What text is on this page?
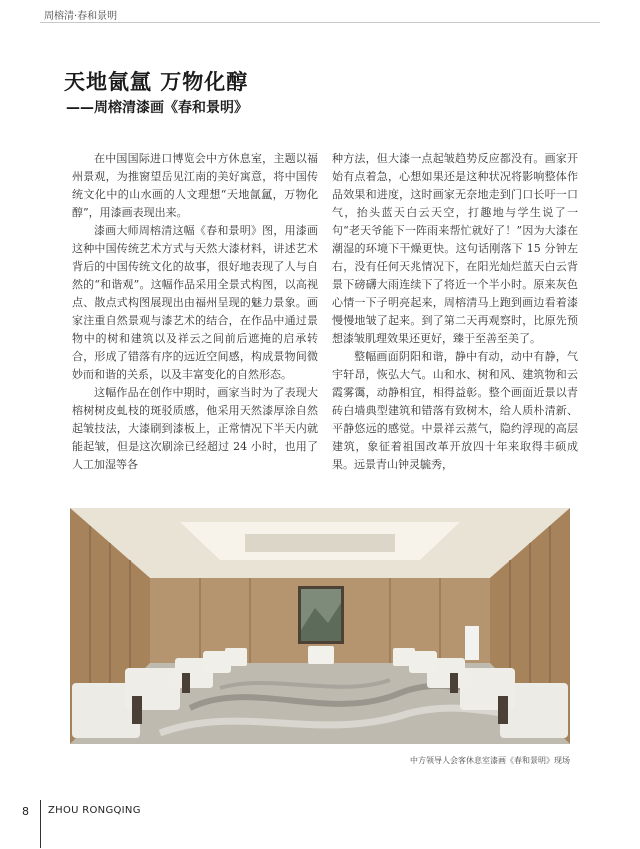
周榕清·春和景明
天地氤氲 万物化醇
——周榕清漆画《春和景明》

在中国国际进口博览会中方休息室，主题以福州景观，为推窗望岳见江南的美好寓意，将中国传统文化中的山水画的人文理想“天地氤氲，万物化醇”，用漆画表现出来。

漆画大师周榕清这幅《春和景明》图，用漆画这种中国传统艺术方式与天然大漆材料，讲述艺术背后的中国传统文化的故事，很好地表现了人与自然的“和谐观”。这幅作品采用全景式构图，以高视点、散点式构图展现出由福州呈现的魅力景象。画家注重自然景观与漆艺术的结合，在作品中通过景物中的树和建筑以及祥云之间前后遮掩的启承转合，形成了错落有序的远近空间感，构成景物间微妙而和谐的关系，以及丰富变化的自然形态。

这幅作品在创作中期时，画家当时为了表现大榕树树皮虬枝的斑驳质感，他采用天然漆厚涂自然起皱技法，大漆刷到漆板上，正常情况下半天内就能起皱，但是这次刷涂已经超过 24 小时，也用了人工加湿等各

种方法，但大漆一点起皱趋势反应都没有。画家开始有点着急，心想如果还是这种状况将影响整体作品效果和进度，这时画家无奈地走到门口长吁一口气，抬头蓝天白云天空，打趣地与学生说了一句“老天爷能下一阵雨来帮忙就好了！”因为大漆在潮湿的环境下干燥更快。这句话刚落下 15 分钟左右，没有任何天兆情况下，在阳光灿烂蓝天白云背景下磅礴大雨连续下了将近一个半小时。原来灰色心情一下子明亮起来，周榕清马上跑到画边看着漆慢慢地皱了起来。到了第二天再观察时，比原先预想漆皱肌理效果还更好，臻于至善至美了。

整幅画面阴阳和谐，静中有动，动中有静，气宇轩昂，恢弘大气。山和水、树和风、建筑物和云霞雾霭，动静相宜，相得益彰。整个画面近景以青砖白墙典型建筑和错落有致树木，给人质朴清新、平静悠远的感觉。中景祥云蒸气，隐约浮现的高层建筑，象征着祖国改革开放四十年来取得丰硕成果。远景青山钟灵毓秀，

中方领导人会客休息室漆画《春和景明》现场
8 ZHOU RONGQING
